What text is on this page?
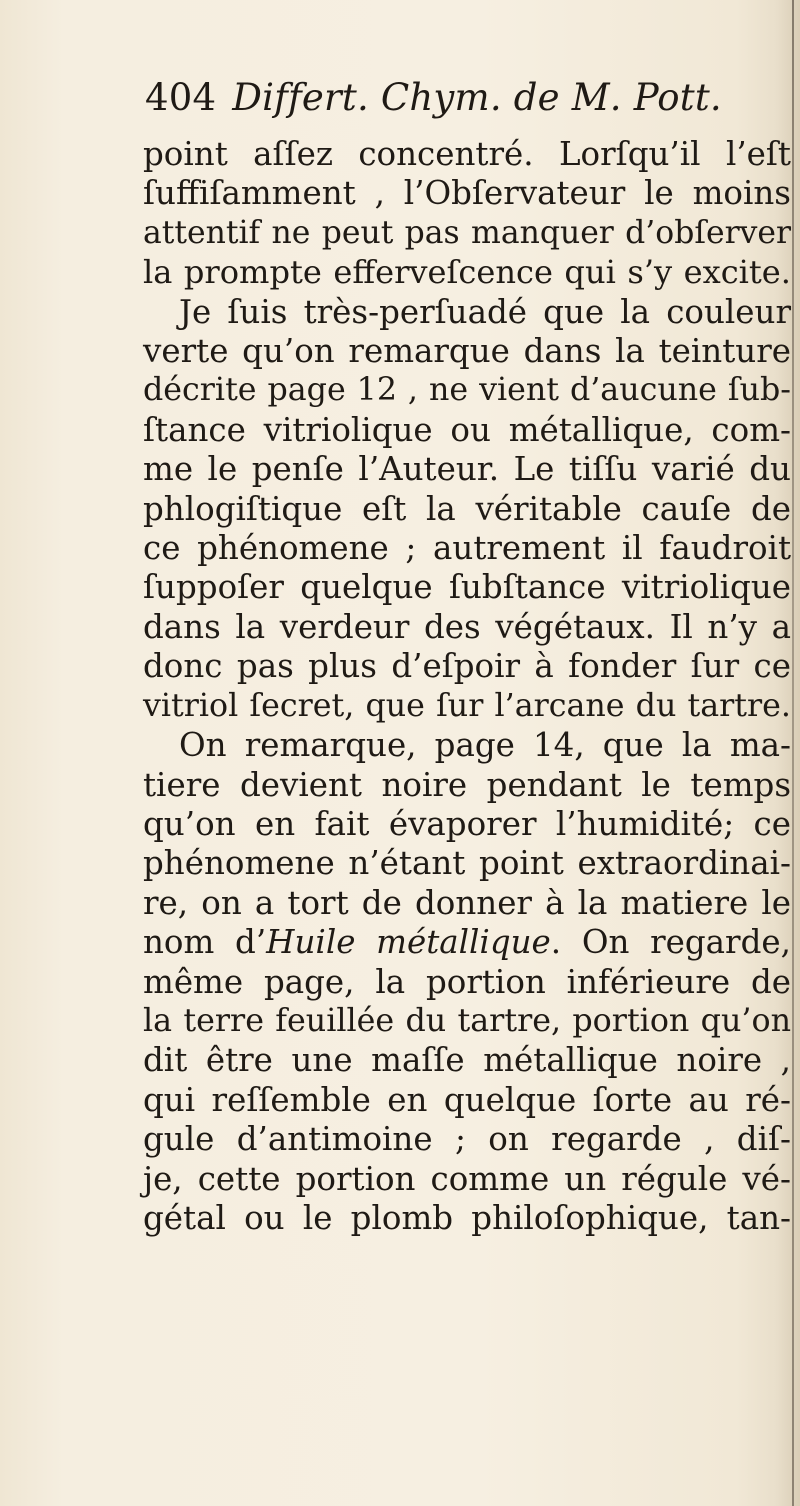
404 Differt. Chym. de M. Pott.
point aſſez concentré. Lorſqu’il l’eſt
ſuffiſamment , l’Obſervateur le moins
attentif ne peut pas manquer d’obſerver
la prompte efferveſcence qui s’y excite.
Je ſuis très-perſuadé que la couleur
verte qu’on remarque dans la teinture
décrite page 12 , ne vient d’aucune ſub-
ſtance vitriolique ou métallique, com-
me le penſe l’Auteur. Le tiſſu varié du
phlogiſtique eſt la véritable cauſe de
ce phénomene ; autrement il faudroit
ſuppoſer quelque ſubſtance vitriolique
dans la verdeur des végétaux. Il n’y a
donc pas plus d’eſpoir à fonder ſur ce
vitriol ſecret, que ſur l’arcane du tartre.
On remarque, page 14, que la ma-
tiere devient noire pendant le temps
qu’on en fait évaporer l’humidité; ce
phénomene n’étant point extraordinai-
re, on a tort de donner à la matiere le
nom d’Huile métallique. On regarde,
même page, la portion inférieure de
la terre feuillée du tartre, portion qu’on
dit être une maſſe métallique noire ,
qui reſſemble en quelque ſorte au ré-
gule d’antimoine ; on regarde , diſ-
je, cette portion comme un régule vé-
gétal ou le plomb philoſophique, tan-
